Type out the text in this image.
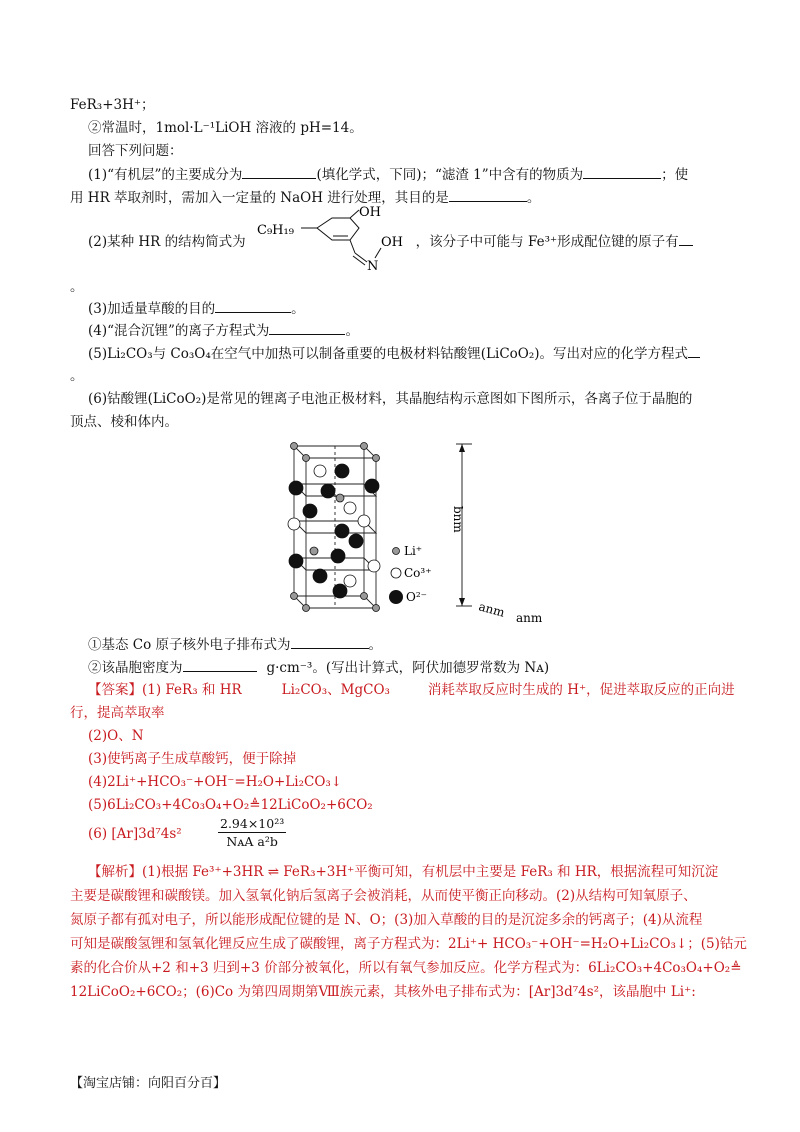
FeR₃+3H⁺；
②常温时，1mol·L⁻¹LiOH 溶液的 pH=14。
回答下列问题：
(1)“有机层”的主要成分为	(填化学式，下同)；“滤渣 1”中含有的物质为	；使
用 HR 萃取剂时，需加入一定量的 NaOH 进行处理，其目的是	。
(2)某种 HR 的结构简式为	，该分子中可能与 Fe³⁺形成配位键的原子有
C₉H₁₉
OH
N
OH
。
(3)加适量草酸的目的	。
(4)“混合沉锂”的离子方程式为	。
(5)Li₂CO₃与 Co₃O₄在空气中加热可以制备重要的电极材料钴酸锂(LiCoO₂)。写出对应的化学方程式
。
(6)钴酸锂(LiCoO₂)是常见的锂离子电池正极材料，其晶胞结构示意图如下图所示，各离子位于晶胞的
顶点、棱和体内。
Li⁺
Co³⁺
O²⁻
bnm
anm anm
①基态 Co 原子核外电子排布式为	。
②该晶胞密度为	g·cm⁻³。(写出计算式，阿伏加德罗常数为 Nᴀ)
【答案】(1) FeR₃ 和 HR	Li₂CO₃、MgCO₃	消耗萃取反应时生成的 H⁺，促进萃取反应的正向进
行，提高萃取率
(2)O、N
(3)使钙离子生成草酸钙，便于除掉
(4)2Li⁺+HCO₃⁻+OH⁻=H₂O+Li₂CO₃↓
(5)6Li₂CO₃+4Co₃O₄+O₂≜12LiCoO₂+6CO₂
(6) [Ar]3d⁷4s²
2.94×10²³
NᴀA a²b
【解析】(1)根据 Fe³⁺+3HR ⇌ FeR₃+3H⁺平衡可知，有机层中主要是 FeR₃ 和 HR，根据流程可知沉淀
主要是碳酸锂和碳酸镁。加入氢氧化钠后氢离子会被消耗，从而使平衡正向移动。(2)从结构可知氧原子、
氮原子都有孤对电子，所以能形成配位键的是 N、O；(3)加入草酸的目的是沉淀多余的钙离子；(4)从流程
可知是碳酸氢锂和氢氧化锂反应生成了碳酸锂，离子方程式为：2Li⁺+ HCO₃⁻+OH⁻=H₂O+Li₂CO₃↓；(5)钴元
素的化合价从+2 和+3 归到+3 价部分被氧化，所以有氧气参加反应。化学方程式为：6Li₂CO₃+4Co₃O₄+O₂≜
12LiCoO₂+6CO₂；(6)Co 为第四周期第Ⅷ族元素，其核外电子排布式为：[Ar]3d⁷4s²，该晶胞中 Li⁺:
【淘宝店铺：向阳百分百】
